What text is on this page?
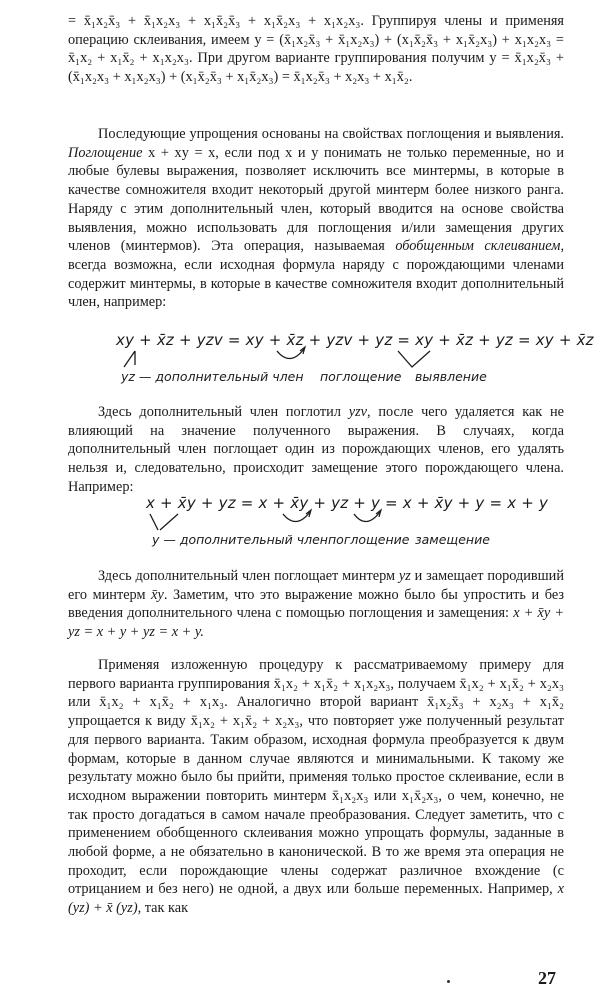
= x̄₁x₂x̄₃ + x̄₁x₂x₃ + x₁x̄₂x̄₃ + x₁x̄₂x₃ + x₁x₂x₃. Группируя члены и применяя операцию склеивания, имеем y = (x̄₁x₂x̄₃ + x̄₁x₂x₃) + (x₁x̄₂x̄₃ + x₁x̄₂x₃) + x₁x₂x₃ = x̄₁x₂ + x₁x̄₂ + x₁x₂x₃. При другом варианте группирования получим y = x̄₁x₂x̄₃ + (x̄₁x₂x₃ + x₁x₂x₃) + (x₁x̄₂x̄₃ + x₁x̄₂x₃) = x̄₁x₂x̄₃ + x₂x₃ + x₁x̄₂.

Последующие упрощения основаны на свойствах поглощения и выявления. Поглощение x + xy = x, если под x и y понимать не только переменные, но и любые булевы выражения, позволяет исключить все минтермы, в которые в качестве сомножителя входит некоторый другой минтерм более низкого ранга. Наряду с этим дополнительный член, который вводится на основе свойства выявления, можно использовать для поглощения и/или замещения других членов (минтермов). Эта операция, называемая обобщенным склеиванием, всегда возможна, если исходная формула наряду с порождающими членами содержит минтермы, в которые в качестве сомножителя входит дополнительный член, например:

xy + x̄z + yzv = xy + x̄z + yzv + yz = xy + x̄z + yz = xy + x̄z
yz — дополнительный член поглощение выявление

Здесь дополнительный член поглотил yzv, после чего удаляется как не влияющий на значение полученного выражения. В случаях, когда дополнительный член поглощает один из порождающих членов, его удалять нельзя и, следовательно, происходит замещение этого порождающего члена. Например:

x + x̄y + yz = x + x̄y + yz + y = x + x̄y + y = x + y
y — дополнительный член поглощение замещение

Здесь дополнительный член поглощает минтерм yz и замещает породивший его минтерм x̄y. Заметим, что это выражение можно было бы упростить и без введения дополнительного члена с помощью поглощения и замещения: x + x̄y + yz = x + y + yz = x + y.

Применяя изложенную процедуру к рассматриваемому примеру для первого варианта группирования x̄₁x₂ + x₁x̄₂ + x₁x₂x₃, получаем x̄₁x₂ + x₁x̄₂ + x₂x₃ или x̄₁x₂ + x₁x̄₂ + x₁x₃. Аналогично второй вариант x̄₁x₂x̄₃ + x₂x₃ + x₁x̄₂ упрощается к виду x̄₁x₂ + x₁x̄₂ + x₂x₃, что повторяет уже полученный результат для первого варианта. Таким образом, исходная формула преобразуется к двум формам, которые в данном случае являются и минимальными. К такому же результату можно было бы прийти, применяя только простое склеивание, если в исходном выражении повторить минтерм x̄₁x₂x₃ или x₁x̄₂x₃, о чем, конечно, не так просто догадаться в самом начале преобразования. Следует заметить, что с применением обобщенного склеивания можно упрощать формулы, заданные в любой форме, а не обязательно в канонической. В то же время эта операция не проходит, если порождающие члены содержат различное вхождение (с отрицанием и без него) не одной, а двух или больше переменных. Например, x (yz) + x̄ (yz), так как

27
